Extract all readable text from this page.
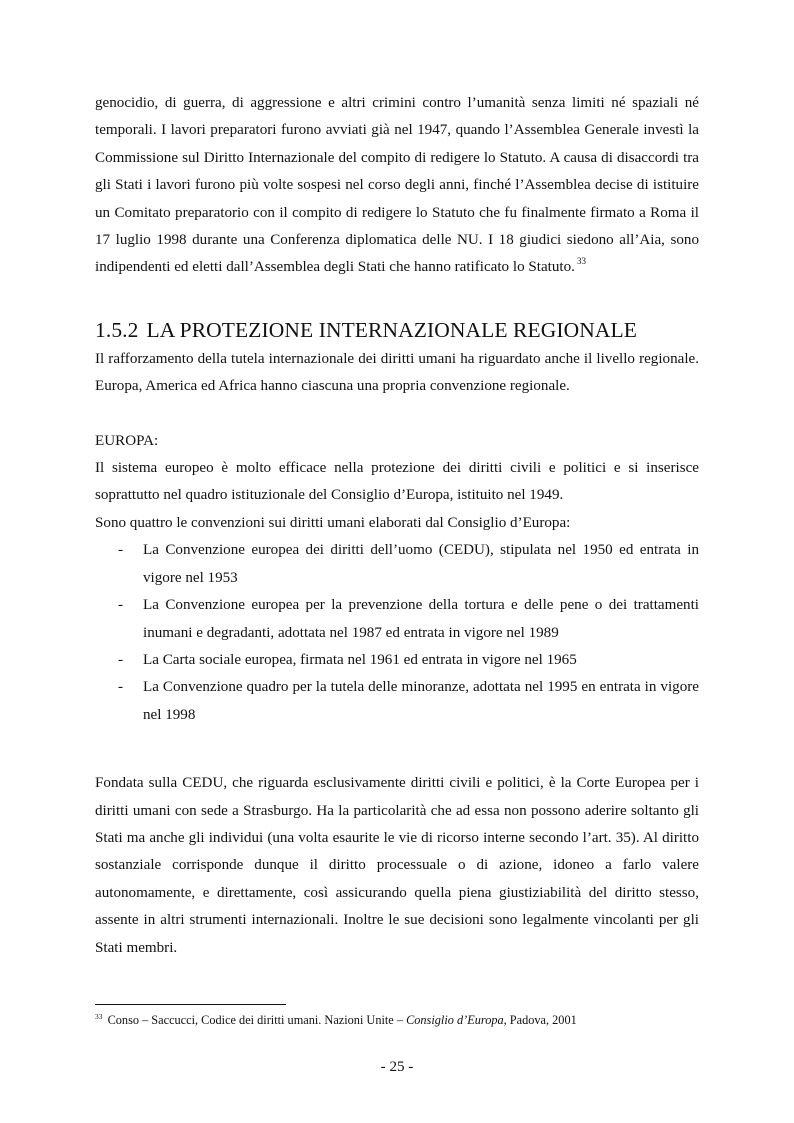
genocidio, di guerra, di aggressione e altri crimini contro l’umanità senza limiti né spaziali né temporali. I lavori preparatori furono avviati già nel 1947, quando l’Assemblea Generale investì la Commissione sul Diritto Internazionale del compito di redigere lo Statuto. A causa di disaccordi tra gli Stati i lavori furono più volte sospesi nel corso degli anni, finché l’Assemblea decise di istituire un Comitato preparatorio con il compito di redigere lo Statuto che fu finalmente firmato a Roma il 17 luglio 1998 durante una Conferenza diplomatica delle NU. I 18 giudici siedono all’Aia, sono indipendenti ed eletti dall’Assemblea degli Stati che hanno ratificato lo Statuto. $^{33}$

1.5.2 LA PROTEZIONE INTERNAZIONALE REGIONALE

Il rafforzamento della tutela internazionale dei diritti umani ha riguardato anche il livello regionale. Europa, America ed Africa hanno ciascuna una propria convenzione regionale.

EUROPA:

Il sistema europeo è molto efficace nella protezione dei diritti civili e politici e si inserisce soprattutto nel quadro istituzionale del Consiglio d’Europa, istituito nel 1949.

Sono quattro le convenzioni sui diritti umani elaborati dal Consiglio d’Europa:

- La Convenzione europea dei diritti dell’uomo (CEDU), stipulata nel 1950 ed entrata in vigore nel 1953
- La Convenzione europea per la prevenzione della tortura e delle pene o dei trattamenti inumani e degradanti, adottata nel 1987 ed entrata in vigore nel 1989
- La Carta sociale europea, firmata nel 1961 ed entrata in vigore nel 1965
- La Convenzione quadro per la tutela delle minoranze, adottata nel 1995 en entrata in vigore nel 1998

Fondata sulla CEDU, che riguarda esclusivamente diritti civili e politici, è la Corte Europea per i diritti umani con sede a Strasburgo. Ha la particolarità che ad essa non possono aderire soltanto gli Stati ma anche gli individui (una volta esaurite le vie di ricorso interne secondo l’art. 35). Al diritto sostanziale corrisponde dunque il diritto processuale o di azione, idoneo a farlo valere autonomamente, e direttamente, così assicurando quella piena giustiziabilità del diritto stesso, assente in altri strumenti internazionali. Inoltre le sue decisioni sono legalmente vincolanti per gli Stati membri.

$^{33}$ Conso – Saccucci, Codice dei diritti umani. Nazioni Unite – Consiglio d’Europa, Padova, 2001
- 25 -
